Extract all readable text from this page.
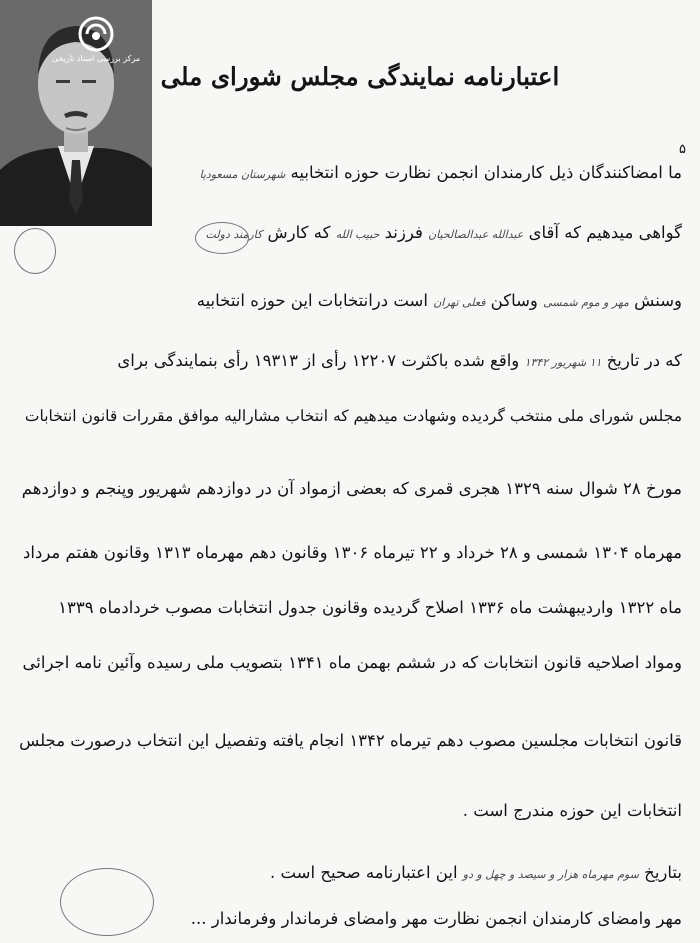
مرکز بررسی اسناد تاریخی
اعتبارنامه نمایندگی مجلس شورای ملی
۵
ما امضاکنندگان ذیل کارمندان انجمن نظارت حوزه انتخابیه شهرستان مسعودیا
گواهی میدهیم که آقای عبدالله عبدالصالحیان فرزند حبیب الله که کارش کارمند دولت
وسنش مهر و موم شمسی وساکن فعلی تهران است درانتخابات این حوزه انتخابیه
که در تاریخ ۱۱ شهریور ۱۳۴۲ واقع شده باکثرت ۱۲۲۰۷ رأی از ۱۹۳۱۳ رأی بنمایندگی برای
مجلس شورای ملی منتخب گردیده وشهادت میدهیم که انتخاب مشارالیه موافق مقررات قانون انتخابات
مورخ ۲۸ شوال سنه ۱۳۲۹ هجری قمری که بعضی ازمواد آن در دوازدهم شهریور وپنجم و دوازدهم
مهرماه ۱۳۰۴ شمسی و ۲۸ خرداد و ۲۲ تیرماه ۱۳۰۶ وقانون دهم مهرماه ۱۳۱۳ وقانون هفتم مرداد
ماه ۱۳۲۲ وارديبهشت ماه ۱۳۳۶ اصلاح گردیده وقانون جدول انتخابات مصوب خردادماه ۱۳۳۹
ومواد اصلاحیه قانون انتخابات که در ششم بهمن ماه ۱۳۴۱ بتصویب ملی رسیده وآئین نامه اجرائی
قانون انتخابات مجلسین مصوب دهم تیرماه ۱۳۴۲ انجام یافته وتفصیل این انتخاب درصورت مجلس
انتخابات این حوزه مندرج است .
بتاریخ سوم مهرماه هزار و سیصد و چهل و دو این اعتبارنامه صحیح است .
مهر وامضای کارمندان انجمن نظارت مهر وامضای فرماندار وفرماندار ...
